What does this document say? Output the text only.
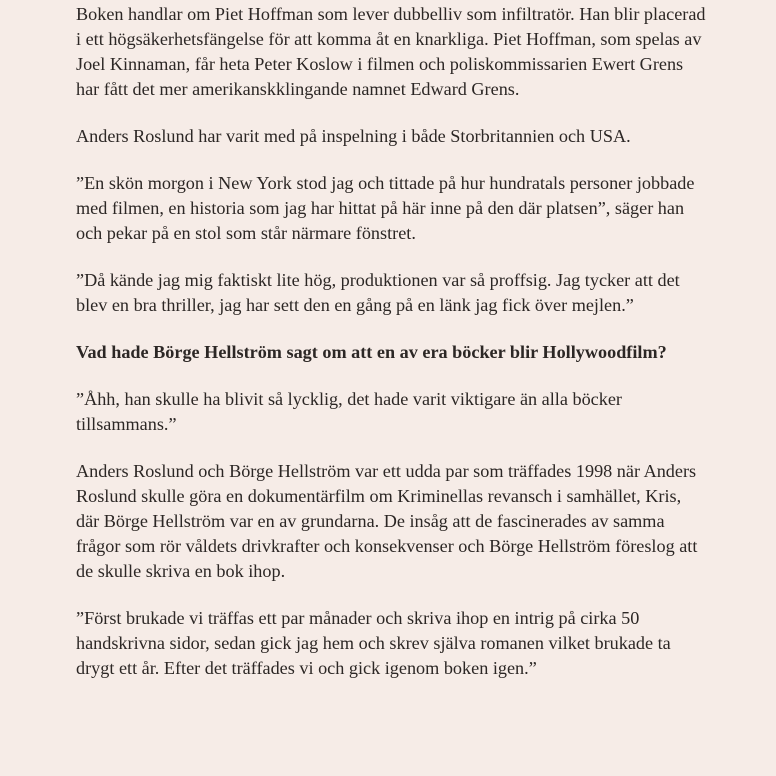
Boken handlar om Piet Hoffman som lever dubbelliv som infiltratör. Han blir placerad i ett högsäkerhetsfängelse för att komma åt en knarkliga. Piet Hoffman, som spelas av Joel Kinnaman, får heta Peter Koslow i filmen och poliskommissarien Ewert Grens har fått det mer amerikanskklingande namnet Edward Grens.

Anders Roslund har varit med på inspelning i både Storbritannien och USA.

”En skön morgon i New York stod jag och tittade på hur hundratals personer jobbade med filmen, en historia som jag har hittat på här inne på den där platsen”, säger han och pekar på en stol som står närmare fönstret.

”Då kände jag mig faktiskt lite hög, produktionen var så proffsig. Jag tycker att det blev en bra thriller, jag har sett den en gång på en länk jag fick över mejlen.”

Vad hade Börge Hellström sagt om att en av era böcker blir Hollywoodfilm?

”Åhh, han skulle ha blivit så lycklig, det hade varit viktigare än alla böcker tillsammans.”

Anders Roslund och Börge Hellström var ett udda par som träffades 1998 när Anders Roslund skulle göra en dokumentärfilm om Kriminellas revansch i samhället, Kris, där Börge Hellström var en av grundarna. De insåg att de fascinerades av samma frågor som rör våldets drivkrafter och konsekvenser och Börge Hellström föreslog att de skulle skriva en bok ihop.

”Först brukade vi träffas ett par månader och skriva ihop en intrig på cirka 50 handskrivna sidor, sedan gick jag hem och skrev själva romanen vilket brukade ta drygt ett år. Efter det träffades vi och gick igenom boken igen.”
